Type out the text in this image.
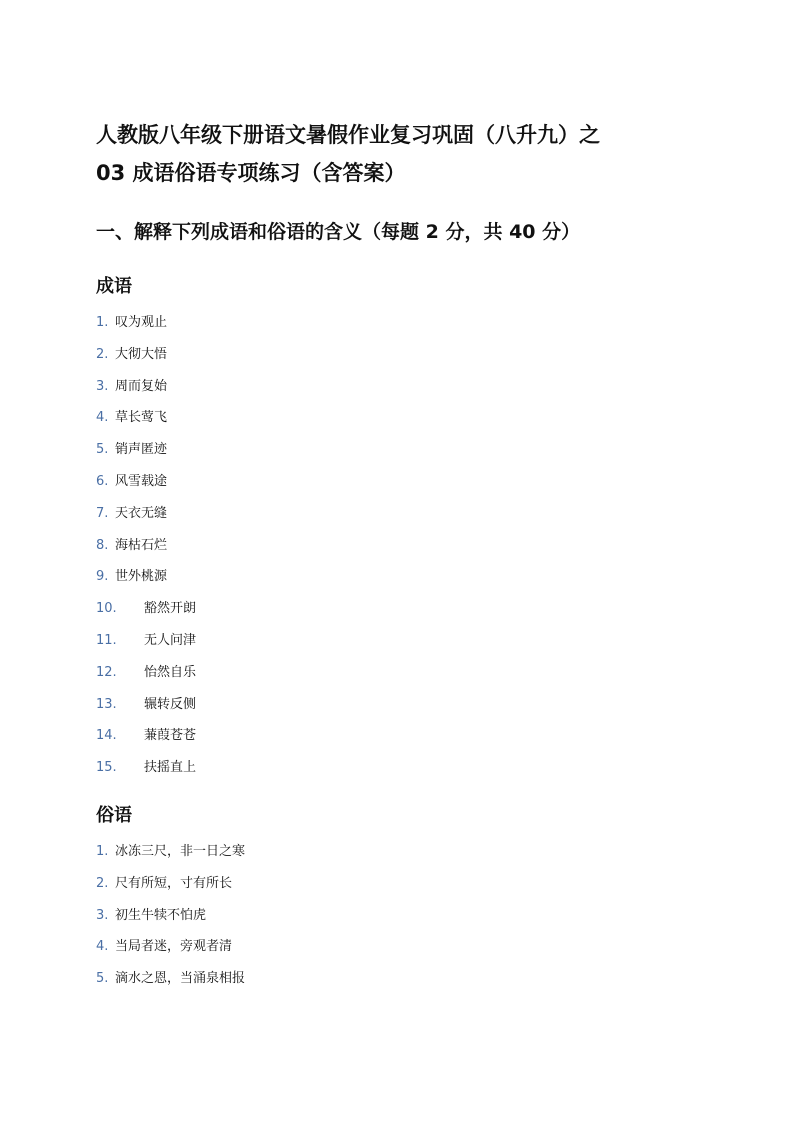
人教版八年级下册语文暑假作业复习巩固（八升九）之
03 成语俗语专项练习（含答案）
一、解释下列成语和俗语的含义（每题 2 分，共 40 分）
成语
1. 叹为观止
2. 大彻大悟
3. 周而复始
4. 草长莺飞
5. 销声匿迹
6. 风雪载途
7. 天衣无缝
8. 海枯石烂
9. 世外桃源
10. 豁然开朗
11. 无人问津
12. 怡然自乐
13. 辗转反侧
14. 蒹葭苍苍
15. 扶摇直上
俗语
1. 冰冻三尺，非一日之寒
2. 尺有所短，寸有所长
3. 初生牛犊不怕虎
4. 当局者迷，旁观者清
5. 滴水之恩，当涌泉相报
